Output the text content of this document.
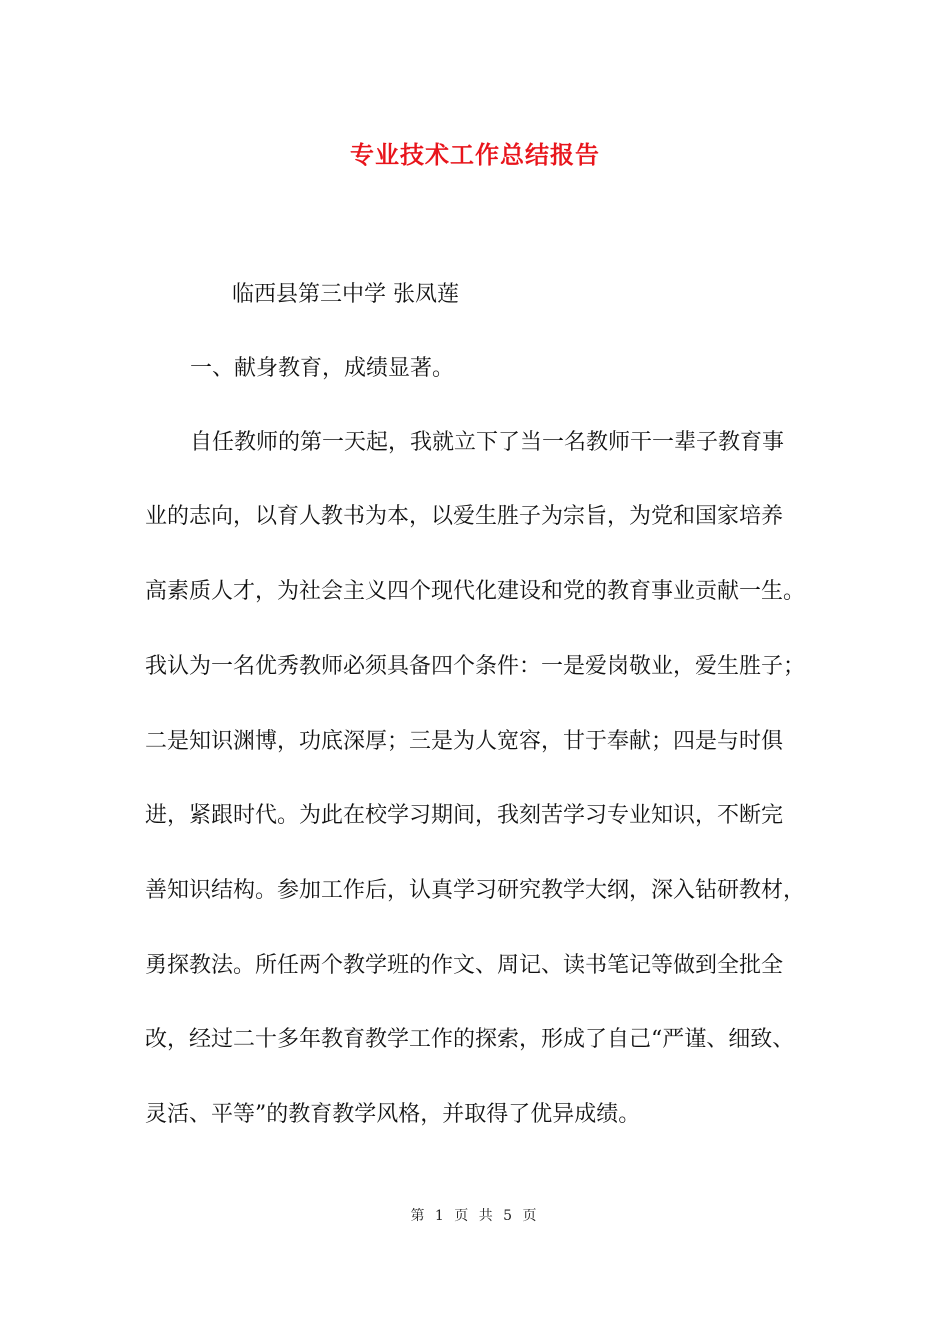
专业技术工作总结报告
临西县第三中学 张凤莲
一、献身教育，成绩显著。
自任教师的第一天起，我就立下了当一名教师干一辈子教育事
业的志向，以育人教书为本，以爱生胜子为宗旨，为党和国家培养
高素质人才，为社会主义四个现代化建设和党的教育事业贡献一生。
我认为一名优秀教师必须具备四个条件：一是爱岗敬业，爱生胜子；
二是知识渊博，功底深厚；三是为人宽容，甘于奉献；四是与时俱
进，紧跟时代。为此在校学习期间，我刻苦学习专业知识，不断完
善知识结构。参加工作后，认真学习研究教学大纲，深入钻研教材，
勇探教法。所任两个教学班的作文、周记、读书笔记等做到全批全
改，经过二十多年教育教学工作的探索，形成了自己“严谨、细致、
灵活、平等”的教育教学风格，并取得了优异成绩。
第 1 页 共 5 页
